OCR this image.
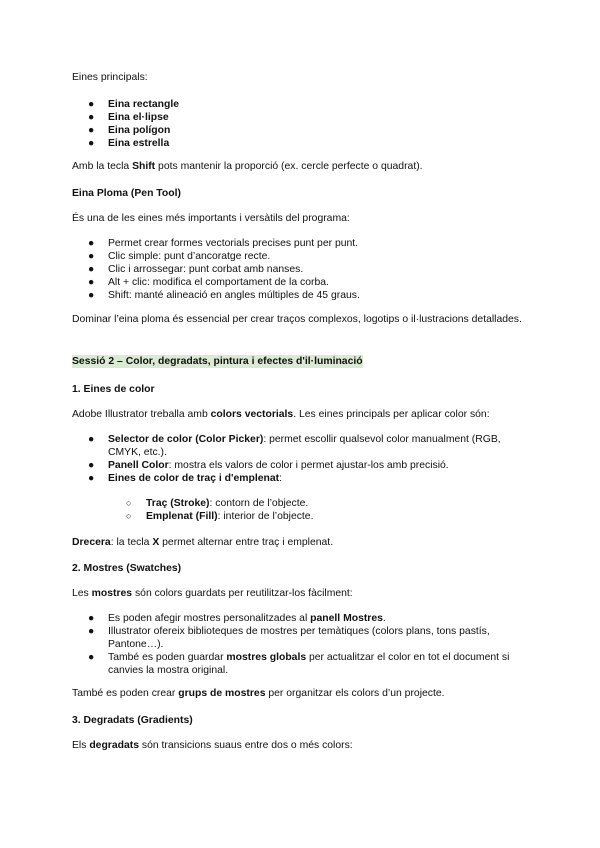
Eines principals:
●	Eina rectangle
●	Eina el·lipse
●	Eina polígon
●	Eina estrella
Amb la tecla Shift pots mantenir la proporció (ex. cercle perfecte o quadrat).
Eina Ploma (Pen Tool)
És una de les eines més importants i versàtils del programa:
●	Permet crear formes vectorials precises punt per punt.
●	Clic simple: punt d’ancoratge recte.
●	Clic i arrossegar: punt corbat amb nanses.
●	Alt + clic: modifica el comportament de la corba.
●	Shift: manté alineació en angles múltiples de 45 graus.
Dominar l’eina ploma és essencial per crear traços complexos, logotips o il·lustracions detallades.
Sessió 2 – Color, degradats, pintura i efectes d'il·luminació
1. Eines de color
Adobe Illustrator treballa amb colors vectorials. Les eines principals per aplicar color són:
●	Selector de color (Color Picker): permet escollir qualsevol color manualment (RGB, CMYK, etc.).
●	Panell Color: mostra els valors de color i permet ajustar-los amb precisió.
●	Eines de color de traç i d'emplenat:
○ Traç (Stroke): contorn de l’objecte.
○ Emplenat (Fill): interior de l’objecte.
Drecera: la tecla X permet alternar entre traç i emplenat.
2. Mostres (Swatches)
Les mostres són colors guardats per reutilitzar-los fàcilment:
●	Es poden afegir mostres personalitzades al panell Mostres.
●	Illustrator ofereix biblioteques de mostres per temàtiques (colors plans, tons pastís, Pantone…).
●	També es poden guardar mostres globals per actualitzar el color en tot el document si canvies la mostra original.
També es poden crear grups de mostres per organitzar els colors d’un projecte.
3. Degradats (Gradients)
Els degradats són transicions suaus entre dos o més colors:
